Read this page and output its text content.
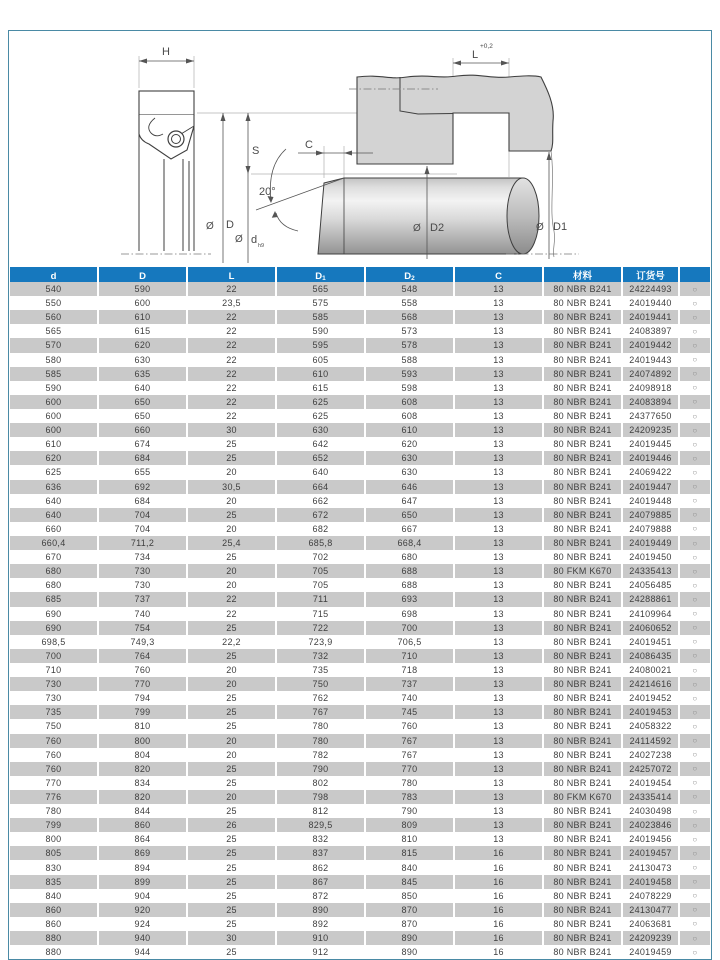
20°
H	L
+0,2
S	C
Ø D
Ø d h9
Ø D2	Ø D1
d	D	L	$D_1$	$D_2$	C	材料	订货号
540	590	22	565	548	13	80 NBR B241	24224493	○
550	600	23,5	575	558	13	80 NBR B241	24019440	○
560	610	22	585	568	13	80 NBR B241	24019441	○
565	615	22	590	573	13	80 NBR B241	24083897	○
570	620	22	595	578	13	80 NBR B241	24019442	○
580	630	22	605	588	13	80 NBR B241	24019443	○
585	635	22	610	593	13	80 NBR B241	24074892	○
590	640	22	615	598	13	80 NBR B241	24098918	○
600	650	22	625	608	13	80 NBR B241	24083894	○
600	650	22	625	608	13	80 NBR B241	24377650	○
600	660	30	630	610	13	80 NBR B241	24209235	○
610	674	25	642	620	13	80 NBR B241	24019445	○
620	684	25	652	630	13	80 NBR B241	24019446	○
625	655	20	640	630	13	80 NBR B241	24069422	○
636	692	30,5	664	646	13	80 NBR B241	24019447	○
640	684	20	662	647	13	80 NBR B241	24019448	○
640	704	25	672	650	13	80 NBR B241	24079885	○
660	704	20	682	667	13	80 NBR B241	24079888	○
660,4	711,2	25,4	685,8	668,4	13	80 NBR B241	24019449	○
670	734	25	702	680	13	80 NBR B241	24019450	○
680	730	20	705	688	13	80 FKM K670	24335413	○
680	730	20	705	688	13	80 NBR B241	24056485	○
685	737	22	711	693	13	80 NBR B241	24288861	○
690	740	22	715	698	13	80 NBR B241	24109964	○
690	754	25	722	700	13	80 NBR B241	24060652	○
698,5	749,3	22,2	723,9	706,5	13	80 NBR B241	24019451	○
700	764	25	732	710	13	80 NBR B241	24086435	○
710	760	20	735	718	13	80 NBR B241	24080021	○
730	770	20	750	737	13	80 NBR B241	24214616	○
730	794	25	762	740	13	80 NBR B241	24019452	○
735	799	25	767	745	13	80 NBR B241	24019453	○
750	810	25	780	760	13	80 NBR B241	24058322	○
760	800	20	780	767	13	80 NBR B241	24114592	○
760	804	20	782	767	13	80 NBR B241	24027238	○
760	820	25	790	770	13	80 NBR B241	24257072	○
770	834	25	802	780	13	80 NBR B241	24019454	○
776	820	20	798	783	13	80 FKM K670	24335414	○
780	844	25	812	790	13	80 NBR B241	24030498	○
799	860	26	829,5	809	13	80 NBR B241	24023846	○
800	864	25	832	810	13	80 NBR B241	24019456	○
805	869	25	837	815	16	80 NBR B241	24019457	○
830	894	25	862	840	16	80 NBR B241	24130473	○
835	899	25	867	845	16	80 NBR B241	24019458	○
840	904	25	872	850	16	80 NBR B241	24078229	○
860	920	25	890	870	16	80 NBR B241	24130477	○
860	924	25	892	870	16	80 NBR B241	24063681	○
880	940	30	910	890	16	80 NBR B241	24209239	○
880	944	25	912	890	16	80 NBR B241	24019459	○
